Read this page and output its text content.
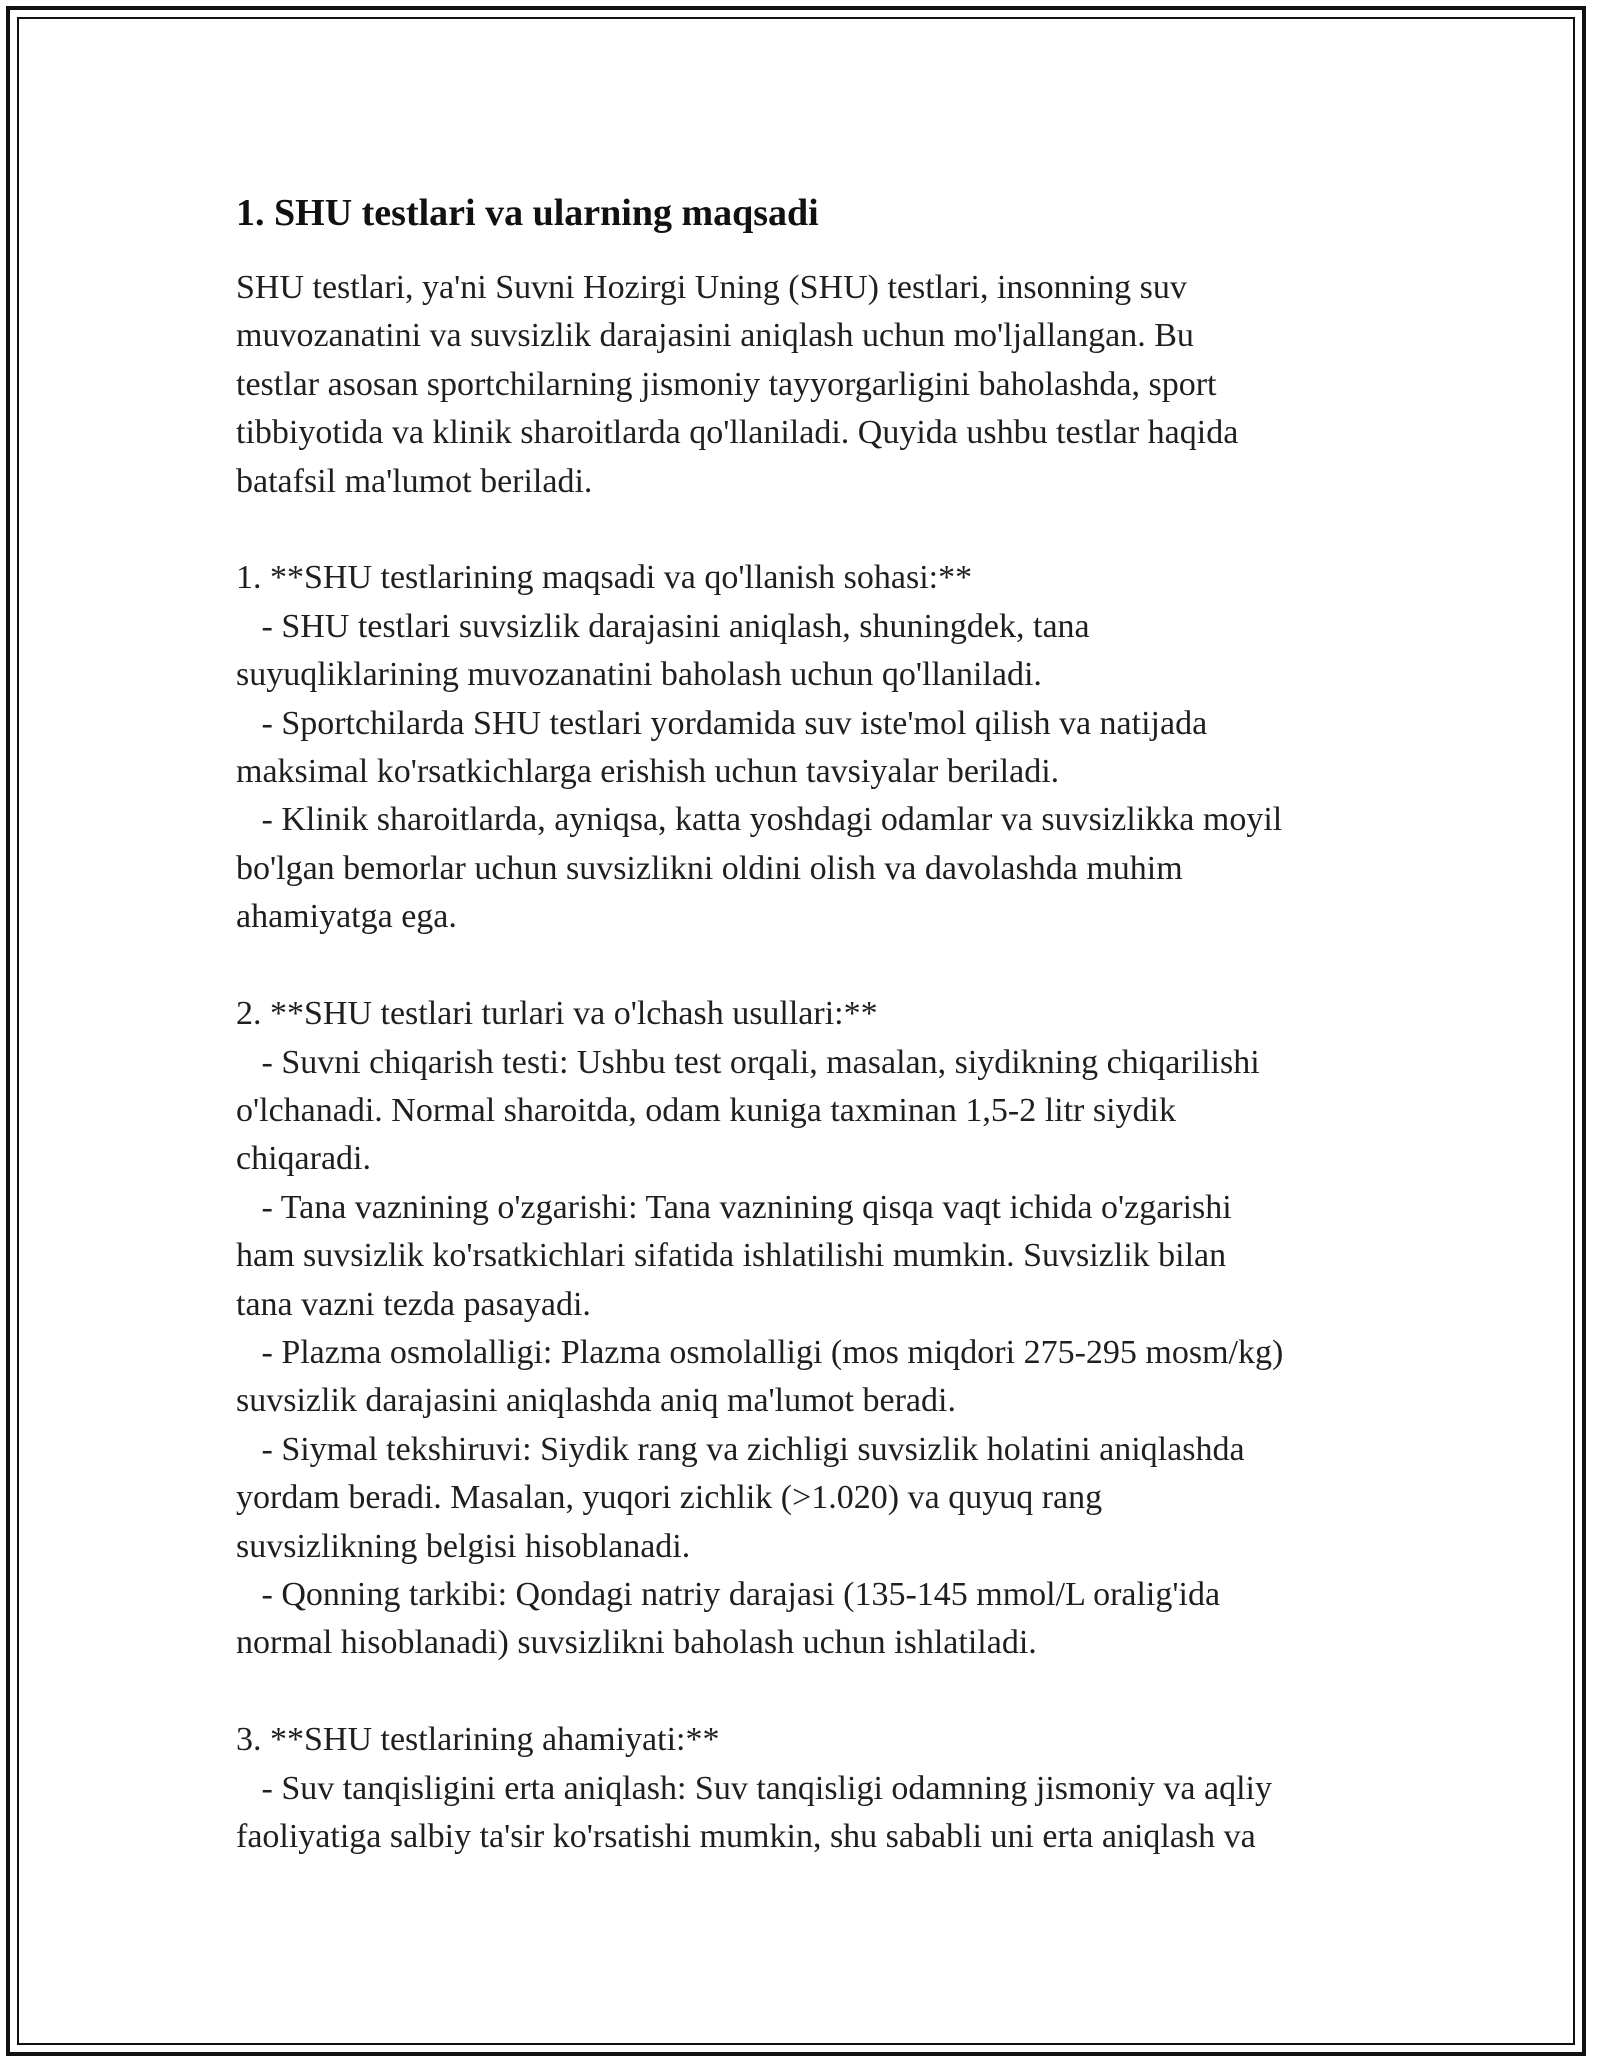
1. SHU testlari va ularning maqsadi
SHU testlari, ya'ni Suvni Hozirgi Uning (SHU) testlari, insonning suv
muvozanatini va suvsizlik darajasini aniqlash uchun mo'ljallangan. Bu
testlar asosan sportchilarning jismoniy tayyorgarligini baholashda, sport
tibbiyotida va klinik sharoitlarda qo'llaniladi. Quyida ushbu testlar haqida
batafsil ma'lumot beriladi.

1. **SHU testlarining maqsadi va qo'llanish sohasi:**
- SHU testlari suvsizlik darajasini aniqlash, shuningdek, tana
suyuqliklarining muvozanatini baholash uchun qo'llaniladi.
- Sportchilarda SHU testlari yordamida suv iste'mol qilish va natijada
maksimal ko'rsatkichlarga erishish uchun tavsiyalar beriladi.
- Klinik sharoitlarda, ayniqsa, katta yoshdagi odamlar va suvsizlikka moyil
bo'lgan bemorlar uchun suvsizlikni oldini olish va davolashda muhim
ahamiyatga ega.

2. **SHU testlari turlari va o'lchash usullari:**
- Suvni chiqarish testi: Ushbu test orqali, masalan, siydikning chiqarilishi
o'lchanadi. Normal sharoitda, odam kuniga taxminan 1,5-2 litr siydik
chiqaradi.
- Tana vaznining o'zgarishi: Tana vaznining qisqa vaqt ichida o'zgarishi
ham suvsizlik ko'rsatkichlari sifatida ishlatilishi mumkin. Suvsizlik bilan
tana vazni tezda pasayadi.
- Plazma osmolalligi: Plazma osmolalligi (mos miqdori 275-295 mosm/kg)
suvsizlik darajasini aniqlashda aniq ma'lumot beradi.
- Siymal tekshiruvi: Siydik rang va zichligi suvsizlik holatini aniqlashda
yordam beradi. Masalan, yuqori zichlik (>1.020) va quyuq rang
suvsizlikning belgisi hisoblanadi.
- Qonning tarkibi: Qondagi natriy darajasi (135-145 mmol/L oralig'ida
normal hisoblanadi) suvsizlikni baholash uchun ishlatiladi.

3. **SHU testlarining ahamiyati:**
- Suv tanqisligini erta aniqlash: Suv tanqisligi odamning jismoniy va aqliy
faoliyatiga salbiy ta'sir ko'rsatishi mumkin, shu sababli uni erta aniqlash va
